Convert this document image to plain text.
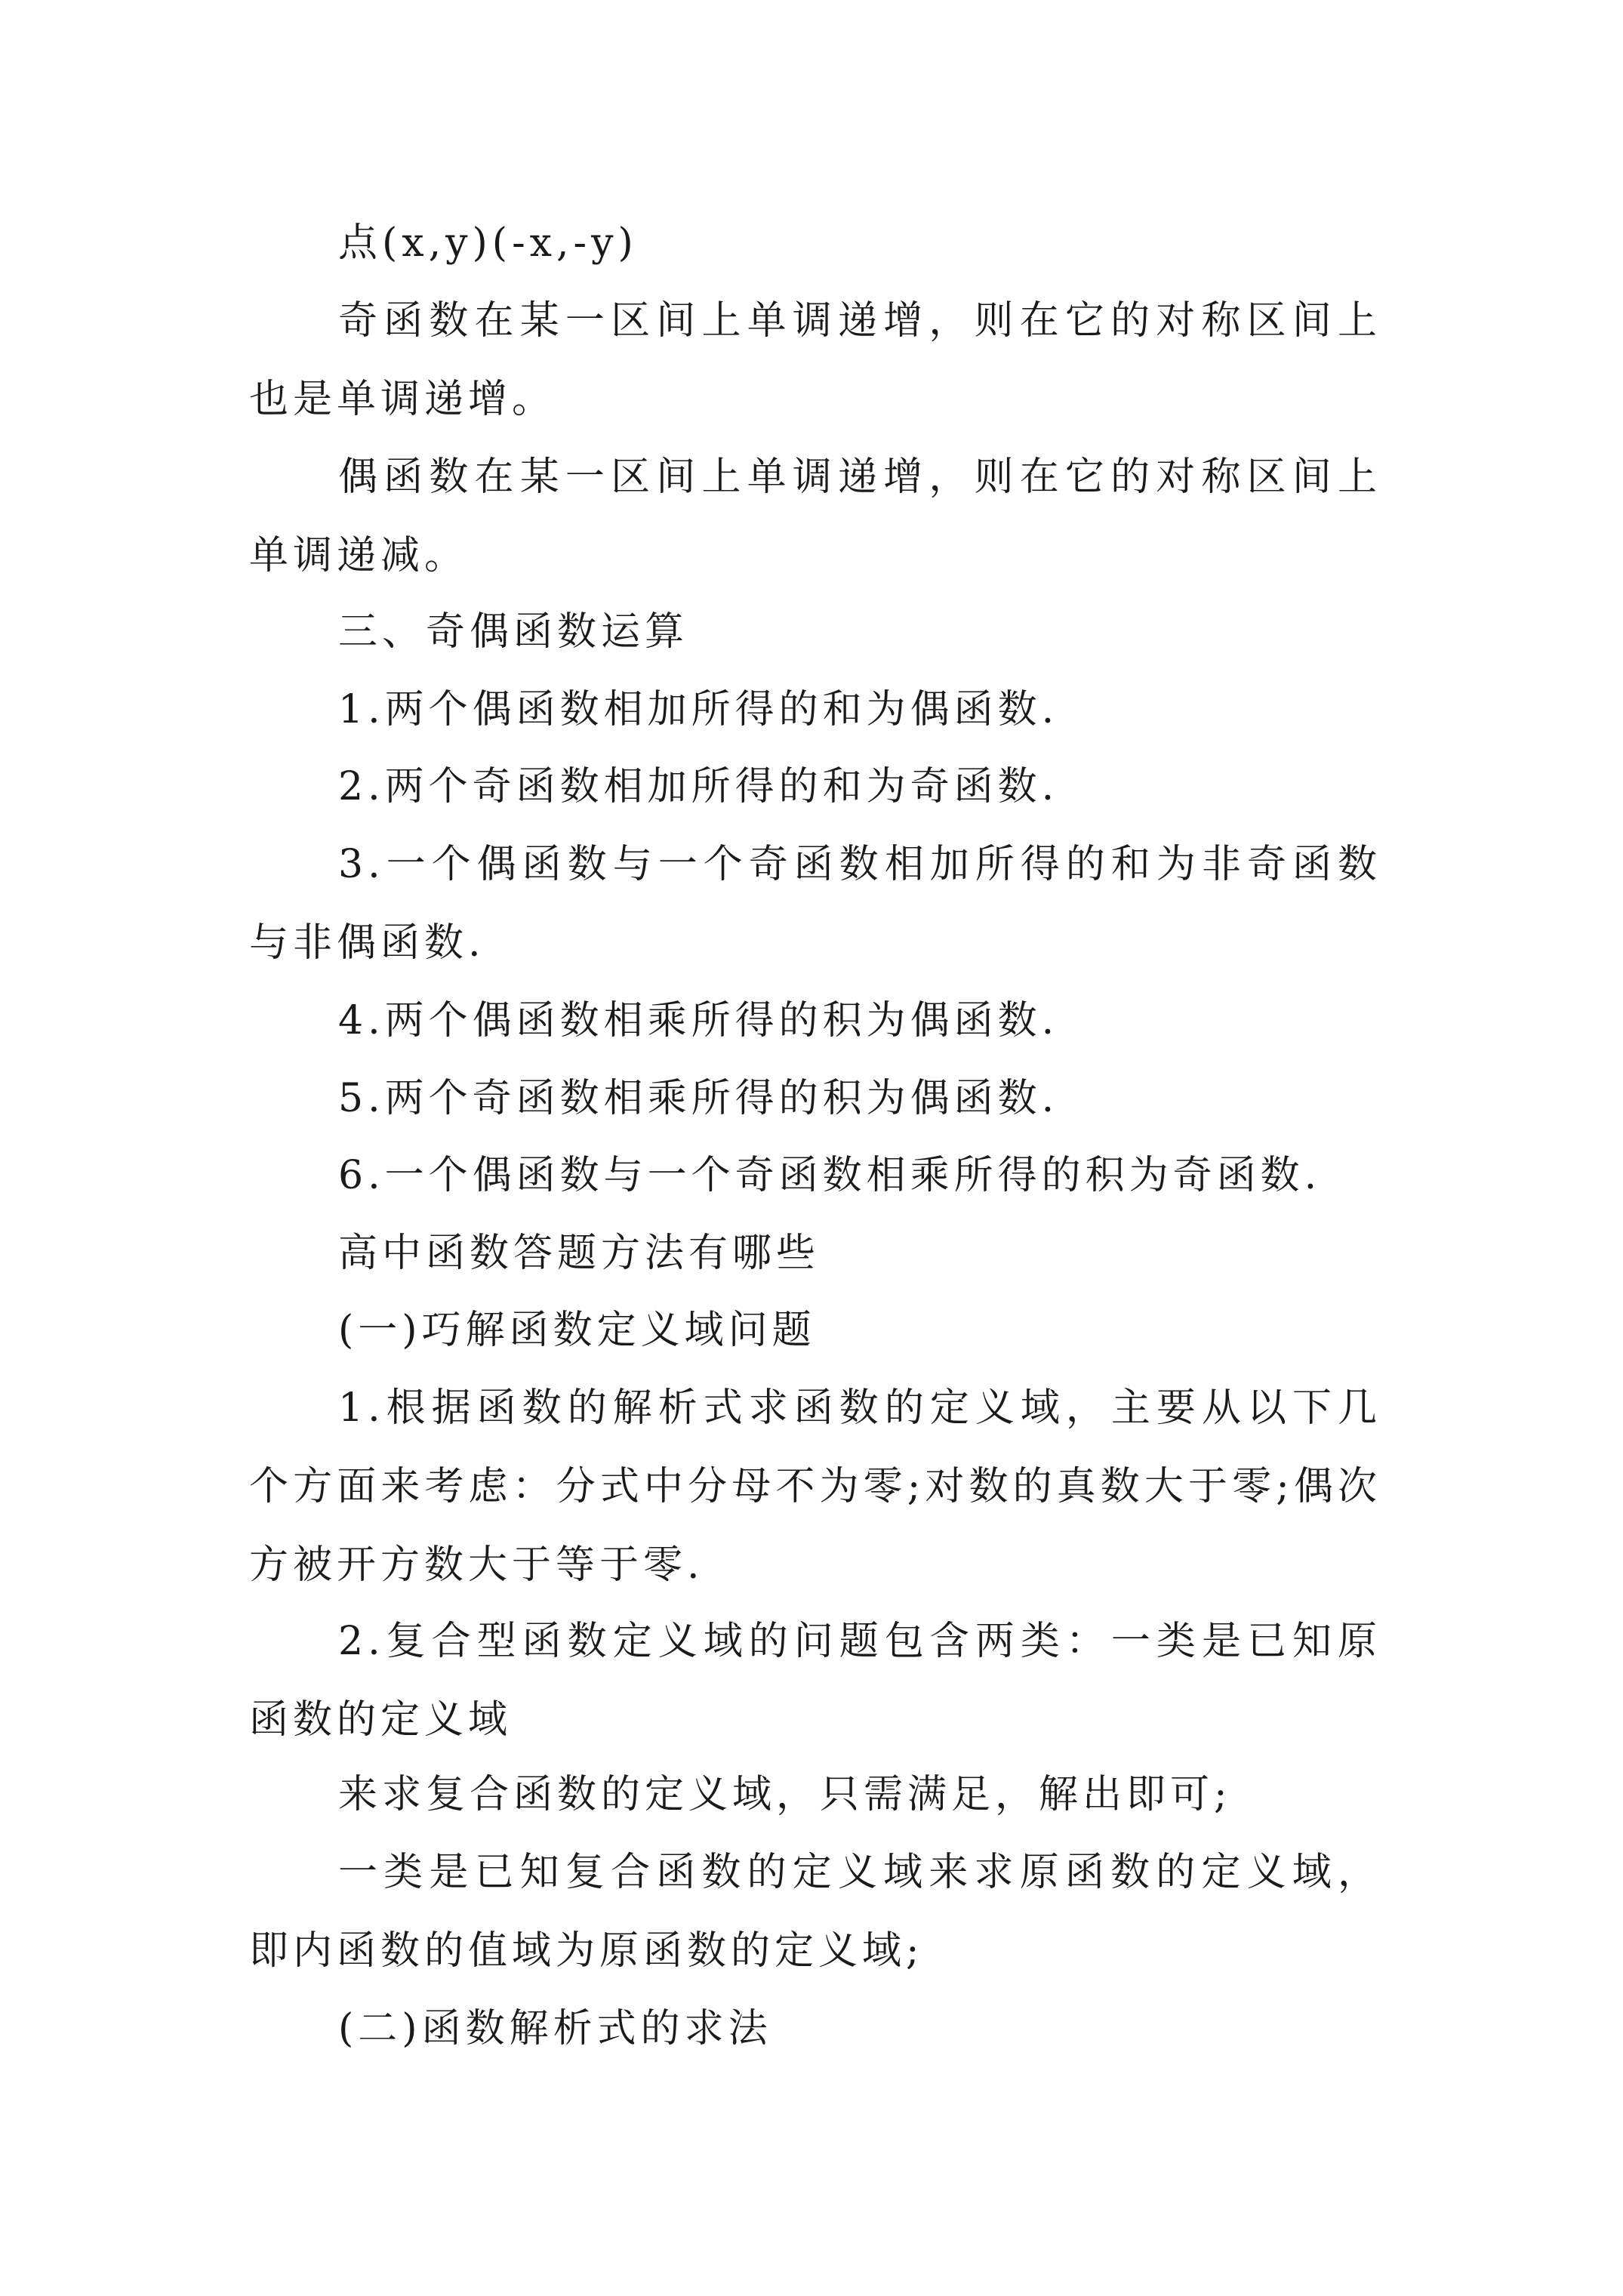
点(x,y)(-x,-y)
奇函数在某一区间上单调递增，则在它的对称区间上也是单调递增。
偶函数在某一区间上单调递增，则在它的对称区间上单调递减。
三、奇偶函数运算
1.两个偶函数相加所得的和为偶函数.
2.两个奇函数相加所得的和为奇函数.
3.一个偶函数与一个奇函数相加所得的和为非奇函数与非偶函数.
4.两个偶函数相乘所得的积为偶函数.
5.两个奇函数相乘所得的积为偶函数.
6.一个偶函数与一个奇函数相乘所得的积为奇函数.
高中函数答题方法有哪些
(一)巧解函数定义域问题
1.根据函数的解析式求函数的定义域，主要从以下几个方面来考虑：分式中分母不为零;对数的真数大于零;偶次方被开方数大于等于零.
2.复合型函数定义域的问题包含两类：一类是已知原函数的定义域
来求复合函数的定义域，只需满足，解出即可;
一类是已知复合函数的定义域来求原函数的定义域，即内函数的值域为原函数的定义域;
(二)函数解析式的求法
